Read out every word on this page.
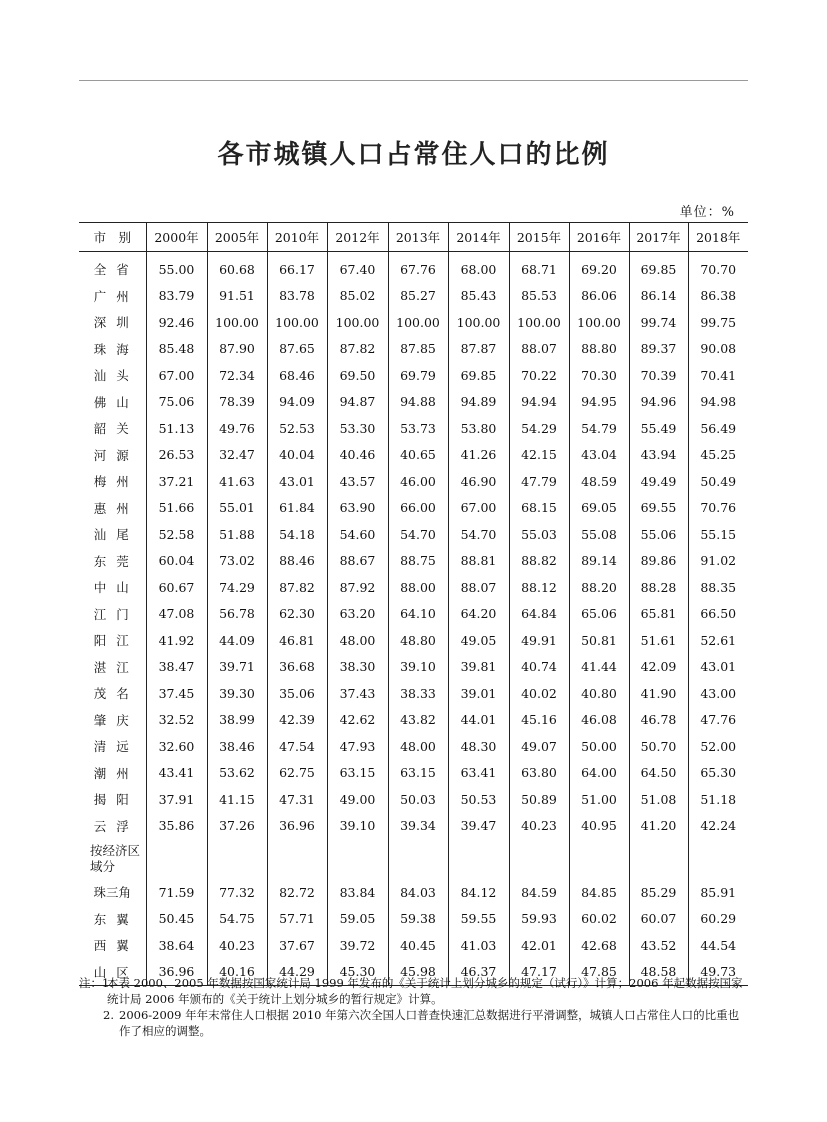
各市城镇人口占常住人口的比例
单位：%
市　别	2000年	2005年	2010年	2012年	2013年	2014年	2015年	2016年	2017年	2018年
全省	55.00	60.68	66.17	67.40	67.76	68.00	68.71	69.20	69.85	70.70
广州	83.79	91.51	83.78	85.02	85.27	85.43	85.53	86.06	86.14	86.38
深圳	92.46	100.00	100.00	100.00	100.00	100.00	100.00	100.00	99.74	99.75
珠海	85.48	87.90	87.65	87.82	87.85	87.87	88.07	88.80	89.37	90.08
汕头	67.00	72.34	68.46	69.50	69.79	69.85	70.22	70.30	70.39	70.41
佛山	75.06	78.39	94.09	94.87	94.88	94.89	94.94	94.95	94.96	94.98
韶关	51.13	49.76	52.53	53.30	53.73	53.80	54.29	54.79	55.49	56.49
河源	26.53	32.47	40.04	40.46	40.65	41.26	42.15	43.04	43.94	45.25
梅州	37.21	41.63	43.01	43.57	46.00	46.90	47.79	48.59	49.49	50.49
惠州	51.66	55.01	61.84	63.90	66.00	67.00	68.15	69.05	69.55	70.76
汕尾	52.58	51.88	54.18	54.60	54.70	54.70	55.03	55.08	55.06	55.15
东莞	60.04	73.02	88.46	88.67	88.75	88.81	88.82	89.14	89.86	91.02
中山	60.67	74.29	87.82	87.92	88.00	88.07	88.12	88.20	88.28	88.35
江门	47.08	56.78	62.30	63.20	64.10	64.20	64.84	65.06	65.81	66.50
阳江	41.92	44.09	46.81	48.00	48.80	49.05	49.91	50.81	51.61	52.61
湛江	38.47	39.71	36.68	38.30	39.10	39.81	40.74	41.44	42.09	43.01
茂名	37.45	39.30	35.06	37.43	38.33	39.01	40.02	40.80	41.90	43.00
肇庆	32.52	38.99	42.39	42.62	43.82	44.01	45.16	46.08	46.78	47.76
清远	32.60	38.46	47.54	47.93	48.00	48.30	49.07	50.00	50.70	52.00
潮州	43.41	53.62	62.75	63.15	63.15	63.41	63.80	64.00	64.50	65.30
揭阳	37.91	41.15	47.31	49.00	50.03	50.53	50.89	51.00	51.08	51.18
云浮	35.86	37.26	36.96	39.10	39.34	39.47	40.23	40.95	41.20	42.24
按经济区域分										
珠三角	71.59	77.32	82.72	83.84	84.03	84.12	84.59	84.85	85.29	85.91
东翼	50.45	54.75	57.71	59.05	59.38	59.55	59.93	60.02	60.07	60.29
西翼	38.64	40.23	37.67	39.72	40.45	41.03	42.01	42.68	43.52	44.54
山区	36.96	40.16	44.29	45.30	45.98	46.37	47.17	47.85	48.58	49.73
注：1.
本表 2000、2005 年数据按国家统计局 1999 年发布的《关于统计上划分城乡的规定（试行）》计算；2006 年起数据按国家统计局 2006 年颁布的《关于统计上划分城乡的暂行规定》计算。
2. 2006-2009 年年末常住人口根据 2010 年第六次全国人口普查快速汇总数据进行平滑调整，城镇人口占常住人口的比重也作了相应的调整。
